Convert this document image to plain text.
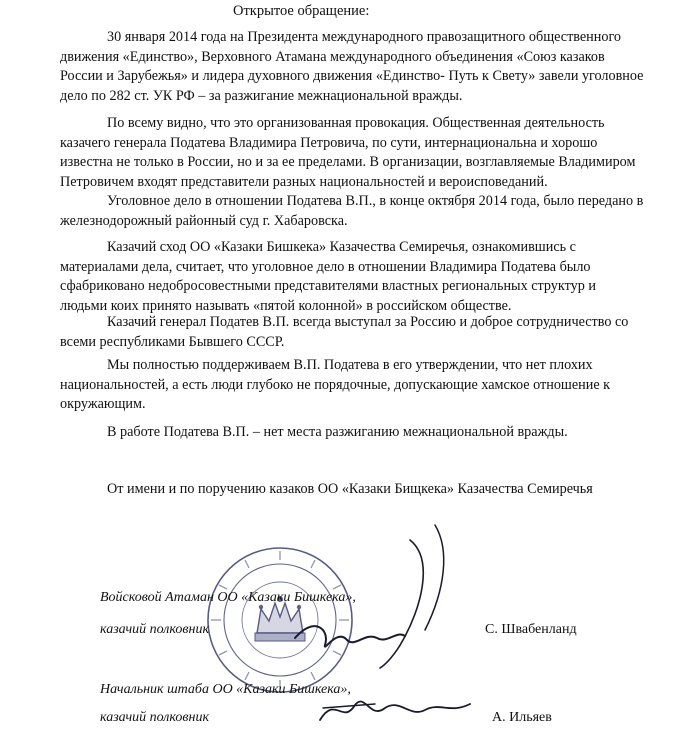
Открытое обращение:

30 января 2014 года на Президента международного правозащитного общественного движения «Единство», Верховного Атамана международного объединения «Союз казаков России и Зарубежья» и лидера духовного движения «Единство- Путь к Свету» завели уголовное дело по 282 ст. УК РФ – за разжигание межнациональной вражды.

По всему видно, что это организованная провокация. Общественная деятельность казачего генерала Податева Владимира Петровича, по сути, интернациональна и хорошо известна не только в России, но и за ее пределами. В организации, возглавляемые Владимиром Петровичем входят представители разных национальностей и вероисповеданий.

Уголовное дело в отношении Податева В.П., в конце октября 2014 года, было передано в железнодорожный районный суд г. Хабаровска.

Казачий сход ОО «Казаки Бишкека» Казачества Семиречья, ознакомившись с материалами дела, считает, что уголовное дело в отношении Владимира Податева было сфабриковано недобросовестными представителями властных региональных структур и людьми коих принято называть «пятой колонной» в российском обществе.

Казачий генерал Податев В.П. всегда выступал за Россию и доброе сотрудничество со всеми республиками Бывшего СССР.

Мы полностью поддерживаем В.П. Податева в его утверждении, что нет плохих национальностей, а есть люди глубоко не порядочные, допускающие хамское отношение к окружающим.

В работе Податева В.П. – нет места разжиганию межнациональной вражды.

От имени и по поручению казаков ОО «Казаки Бищкека» Казачества Семиречья

Войсковой Атаман ОО «Казаки Бишкека»,
казачий полковник	С. Швабенланд
Начальник штаба ОО «Казаки Бишкека»,
казачий полковник	А. Ильяев
